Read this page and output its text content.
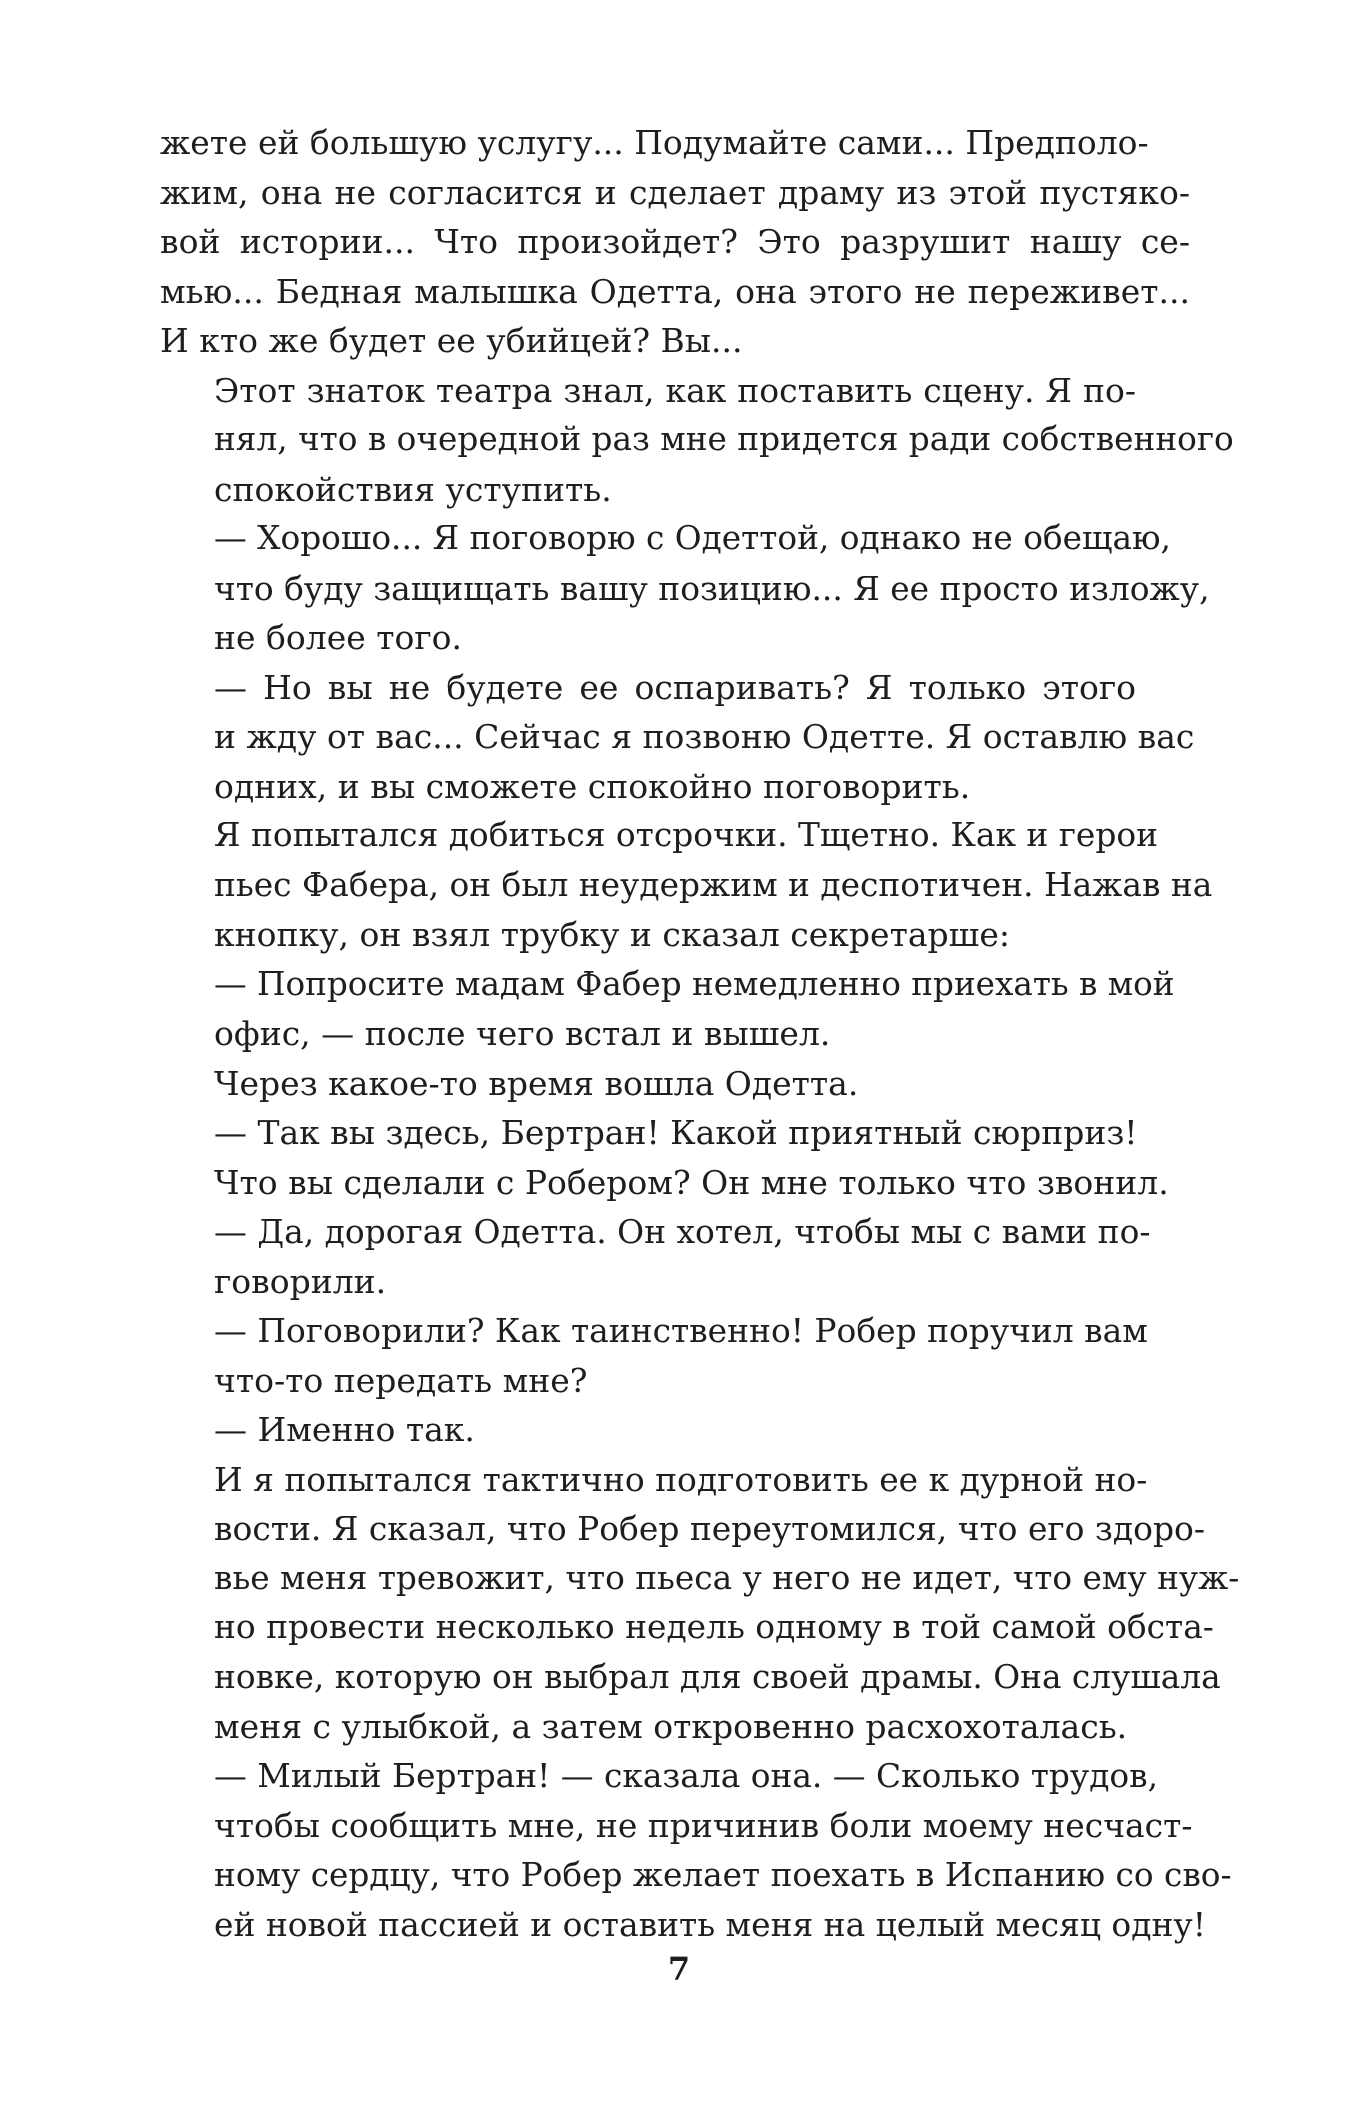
жете ей большую услугу... Подумайте сами... Предполо-
жим, она не согласится и сделает драму из этой пустяко-
вой истории... Что произойдет? Это разрушит нашу се-
мью... Бедная малышка Одетта, она этого не переживет...
И кто же будет ее убийцей? Вы...
Этот знаток театра знал, как поставить сцену. Я по-
нял, что в очередной раз мне придется ради собственного
спокойствия уступить.
— Хорошо... Я поговорю с Одеттой, однако не обещаю,
что буду защищать вашу позицию... Я ее просто изложу,
не более того.
— Но вы не будете ее оспаривать? Я только этого
и жду от вас... Сейчас я позвоню Одетте. Я оставлю вас
одних, и вы сможете спокойно поговорить.
Я попытался добиться отсрочки. Тщетно. Как и герои
пьес Фабера, он был неудержим и деспотичен. Нажав на
кнопку, он взял трубку и сказал секретарше:
— Попросите мадам Фабер немедленно приехать в мой
офис, — после чего встал и вышел.
Через какое-то время вошла Одетта.
— Так вы здесь, Бертран! Какой приятный сюрприз!
Что вы сделали с Робером? Он мне только что звонил.
— Да, дорогая Одетта. Он хотел, чтобы мы с вами по-
говорили.
— Поговорили? Как таинственно! Робер поручил вам
что-то передать мне?
— Именно так.
И я попытался тактично подготовить ее к дурной но-
вости. Я сказал, что Робер переутомился, что его здоро-
вье меня тревожит, что пьеса у него не идет, что ему нуж-
но провести несколько недель одному в той самой обста-
новке, которую он выбрал для своей драмы. Она слушала
меня с улыбкой, а затем откровенно расхохоталась.
— Милый Бертран! — сказала она. — Сколько трудов,
чтобы сообщить мне, не причинив боли моему несчаст-
ному сердцу, что Робер желает поехать в Испанию со сво-
ей новой пассией и оставить меня на целый месяц одну!
7
